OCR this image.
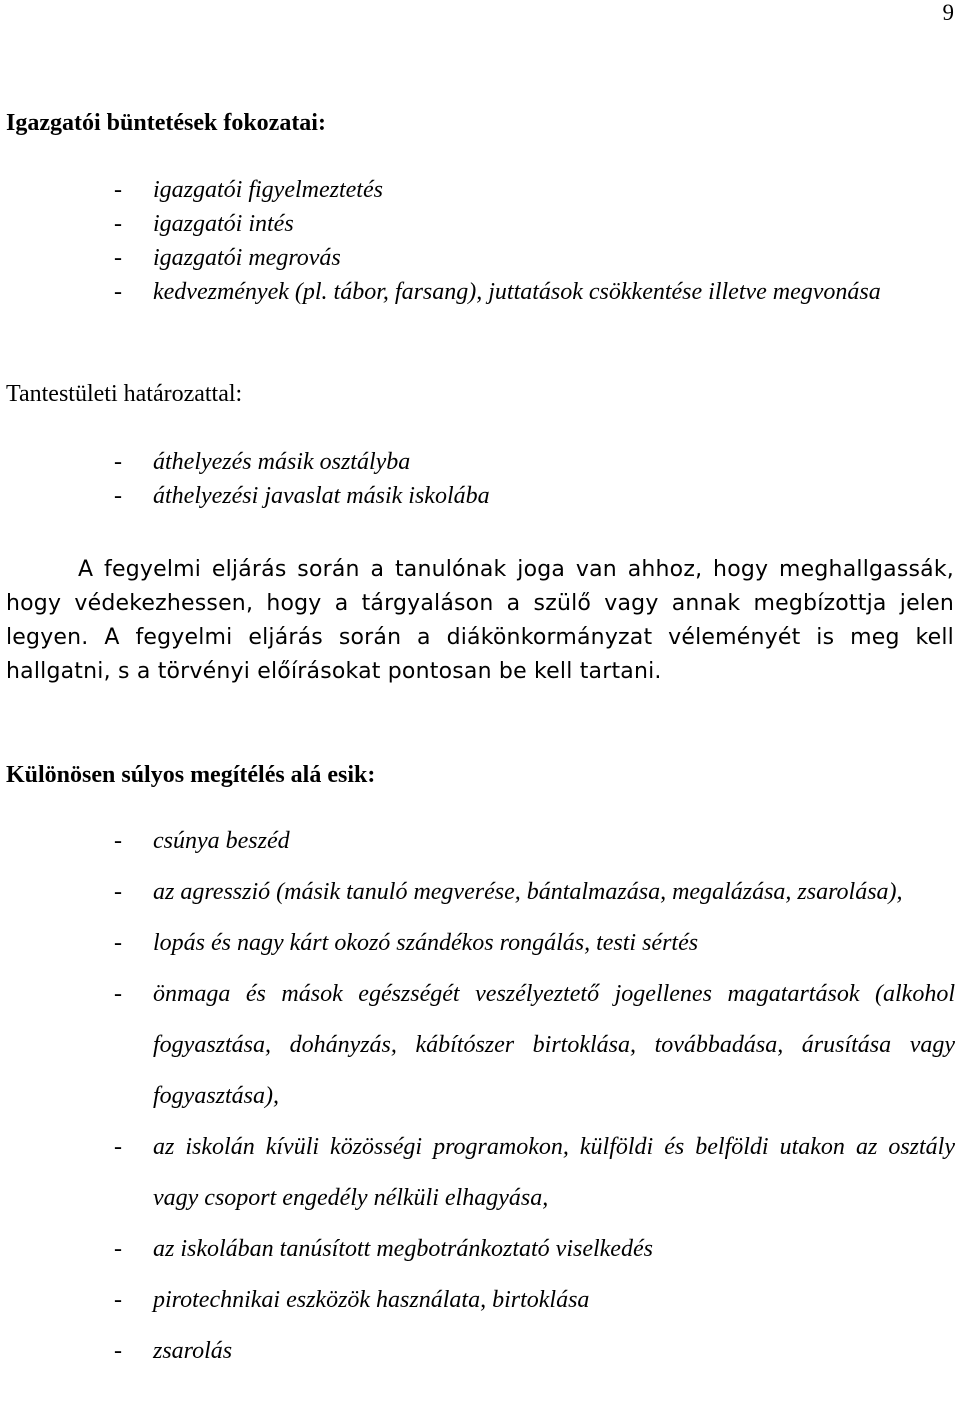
9
Igazgatói büntetések fokozatai:
- igazgatói figyelmeztetés
- igazgatói intés
- igazgatói megrovás
- kedvezmények (pl. tábor, farsang), juttatások csökkentése illetve megvonása
Tantestületi határozattal:
- áthelyezés másik osztályba
- áthelyezési javaslat másik iskolába

A fegyelmi eljárás során a tanulónak joga van ahhoz, hogy meghallgassák, hogy védekezhessen, hogy a tárgyaláson a szülő vagy annak megbízottja jelen legyen. A fegyelmi eljárás során a diákönkormányzat véleményét is meg kell hallgatni, s a törvényi előírásokat pontosan be kell tartani.

Különösen súlyos megítélés alá esik:
- csúnya beszéd
- az agresszió (másik tanuló megverése, bántalmazása, megalázása, zsarolása),
- lopás és nagy kárt okozó szándékos rongálás, testi sértés
- önmaga és mások egészségét veszélyeztető jogellenes magatartások (alkohol fogyasztása, dohányzás, kábítószer birtoklása, továbbadása, árusítása vagy fogyasztása),
- az iskolán kívüli közösségi programokon, külföldi és belföldi utakon az osztály vagy csoport engedély nélküli elhagyása,
- az iskolában tanúsított megbotránkoztató viselkedés
- pirotechnikai eszközök használata, birtoklása
- zsarolás
